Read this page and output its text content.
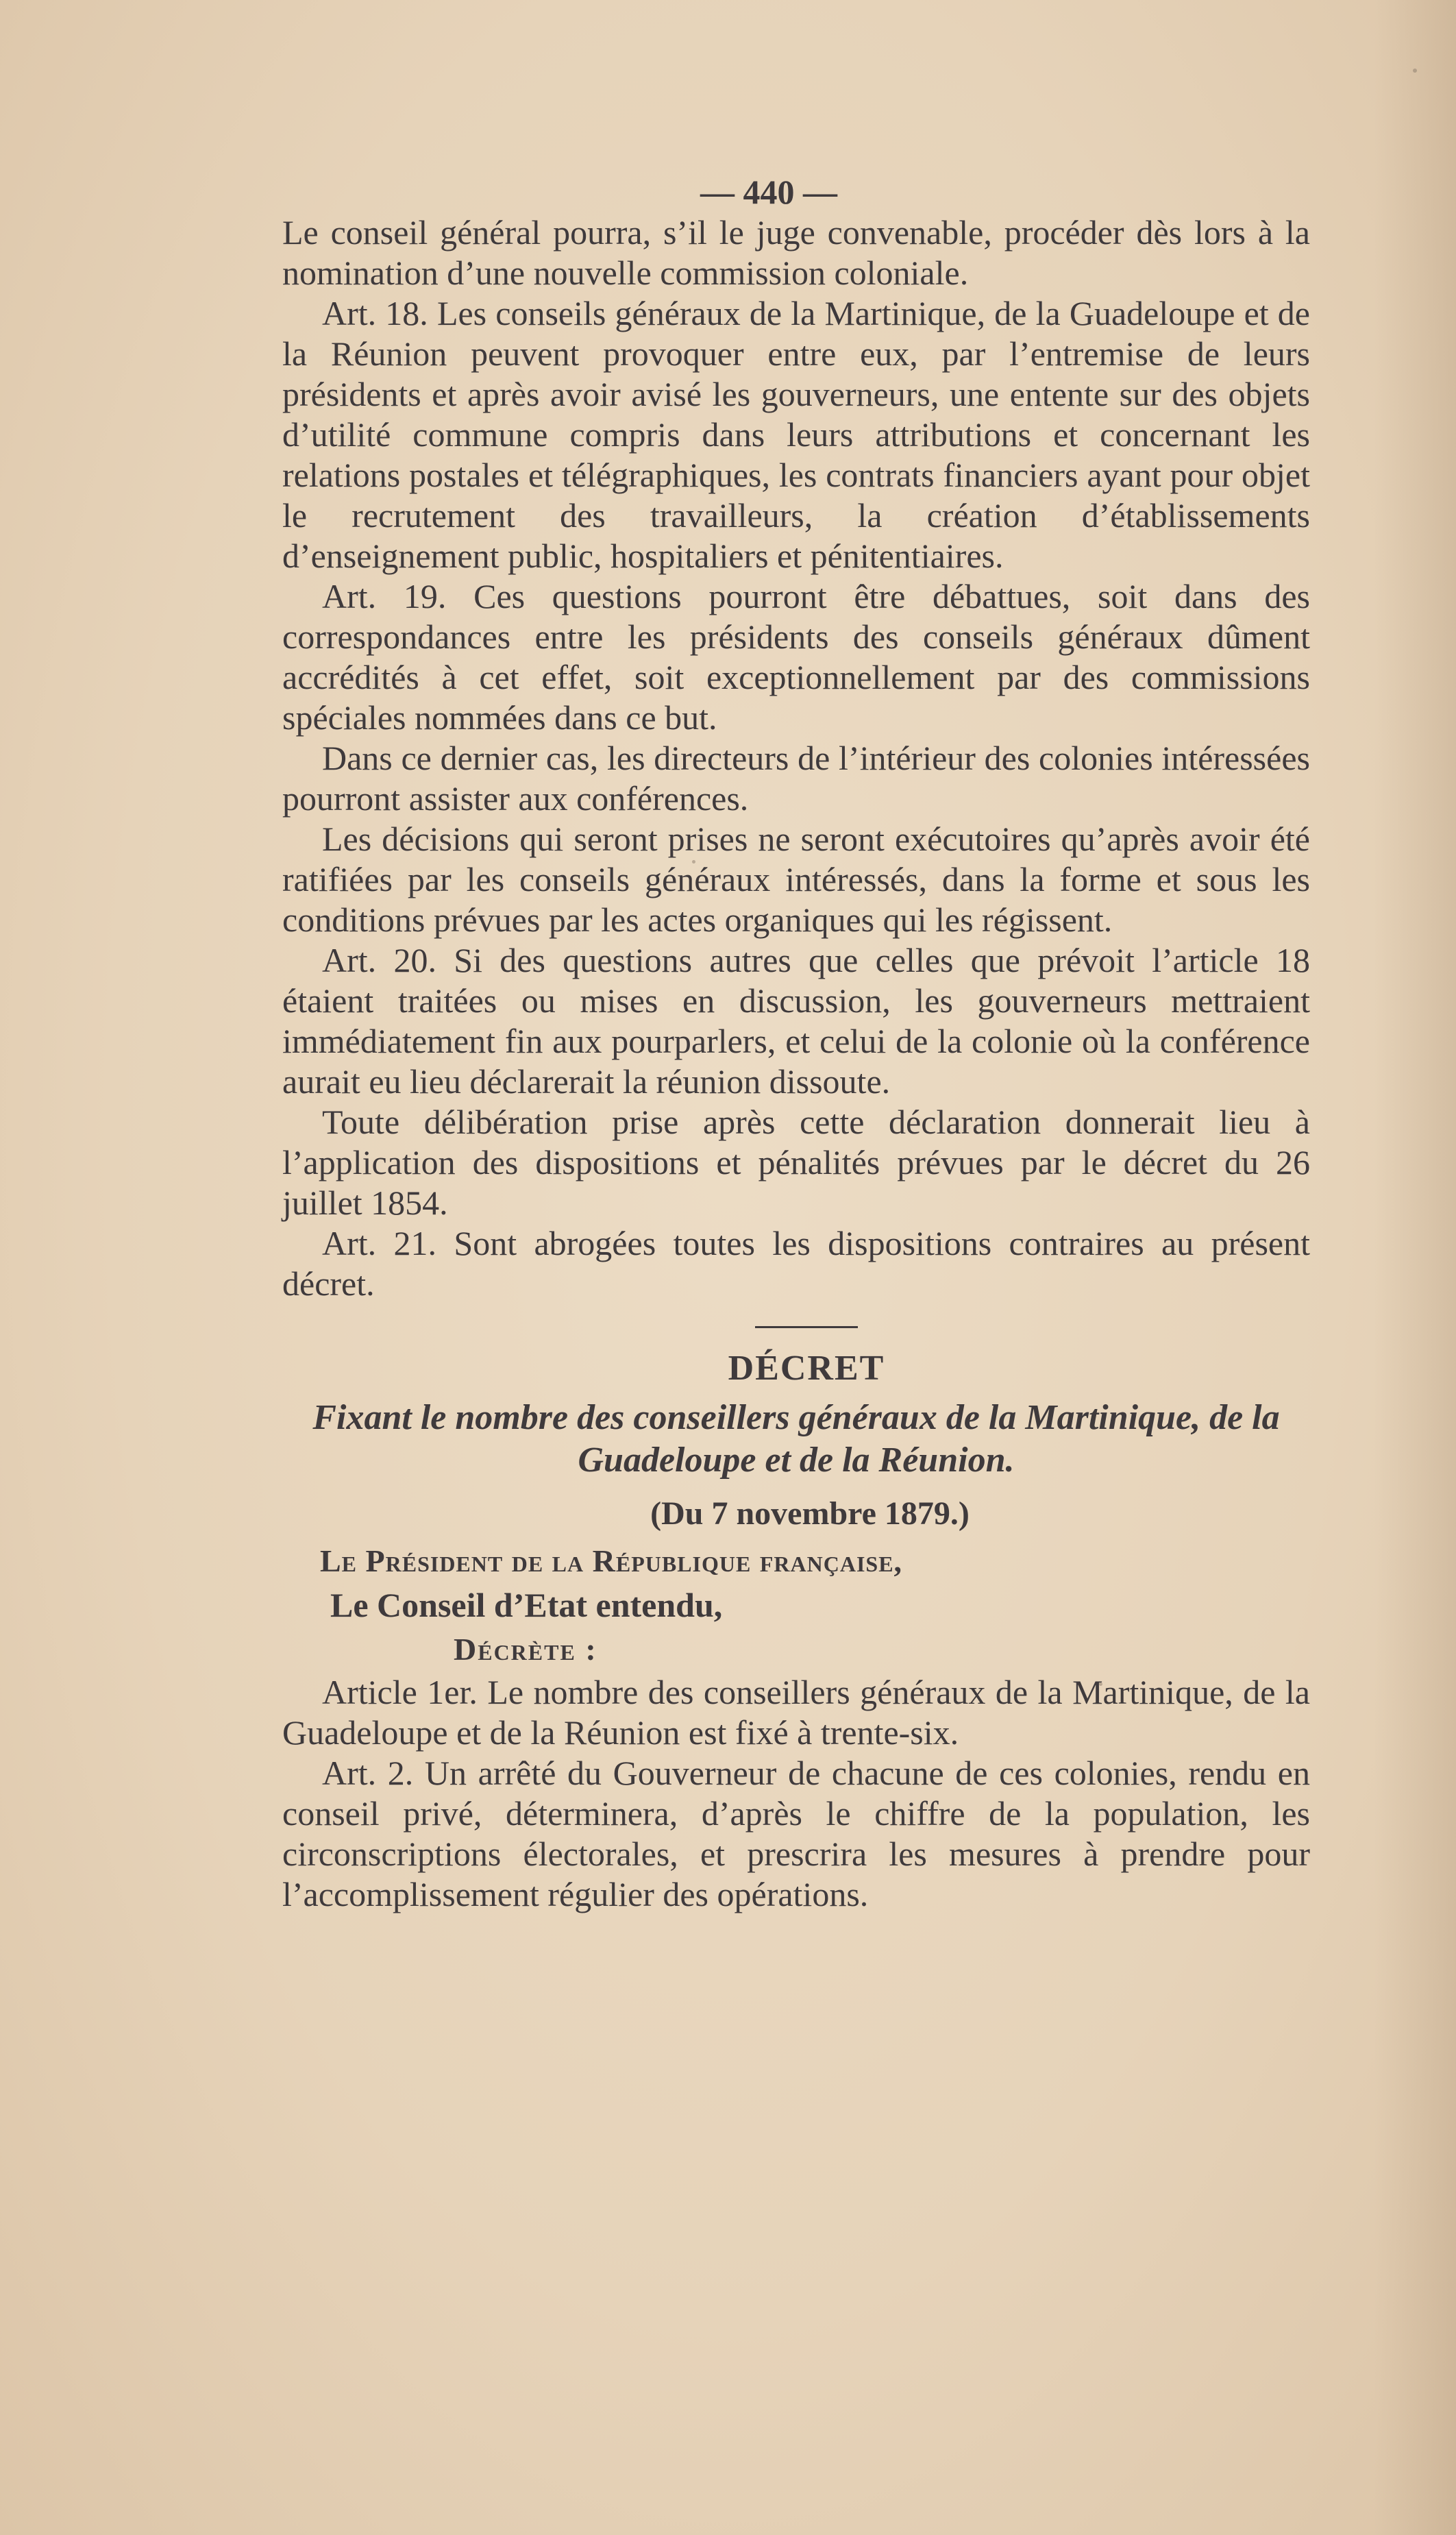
— 440 —

Le conseil général pourra, s’il le juge convenable, procéder dès lors à la nomination d’une nouvelle commission coloniale.

Art. 18. Les conseils généraux de la Martinique, de la Guadeloupe et de la Réunion peuvent provoquer entre eux, par l’entremise de leurs présidents et après avoir avisé les gouverneurs, une entente sur des objets d’utilité commune compris dans leurs attributions et concernant les relations postales et télégraphiques, les contrats financiers ayant pour objet le recrutement des travailleurs, la création d’établissements d’enseignement public, hospitaliers et pénitentiaires.

Art. 19. Ces questions pourront être débattues, soit dans des correspondances entre les présidents des conseils généraux dûment accrédités à cet effet, soit exceptionnellement par des commissions spéciales nommées dans ce but.

Dans ce dernier cas, les directeurs de l’intérieur des colonies intéressées pourront assister aux conférences.

Les décisions qui seront prises ne seront exécutoires qu’après avoir été ratifiées par les conseils généraux intéressés, dans la forme et sous les conditions prévues par les actes organiques qui les régissent.

Art. 20. Si des questions autres que celles que prévoit l’article 18 étaient traitées ou mises en discussion, les gouverneurs mettraient immédiatement fin aux pourparlers, et celui de la colonie où la conférence aurait eu lieu déclarerait la réunion dissoute.

Toute délibération prise après cette déclaration donnerait lieu à l’application des dispositions et pénalités prévues par le décret du 26 juillet 1854.

Art. 21. Sont abrogées toutes les dispositions contraires au présent décret.

DÉCRET
Fixant le nombre des conseillers généraux de la Martinique, de la Guadeloupe et de la Réunion.
(Du 7 novembre 1879.)
Le Président de la République française,
Le Conseil d’Etat entendu,
Décrète :

Article 1er. Le nombre des conseillers généraux de la Martinique, de la Guadeloupe et de la Réunion est fixé à trente-six.

Art. 2. Un arrêté du Gouverneur de chacune de ces colonies, rendu en conseil privé, déterminera, d’après le chiffre de la population, les circonscriptions électorales, et prescrira les mesures à prendre pour l’accomplissement régulier des opérations.
